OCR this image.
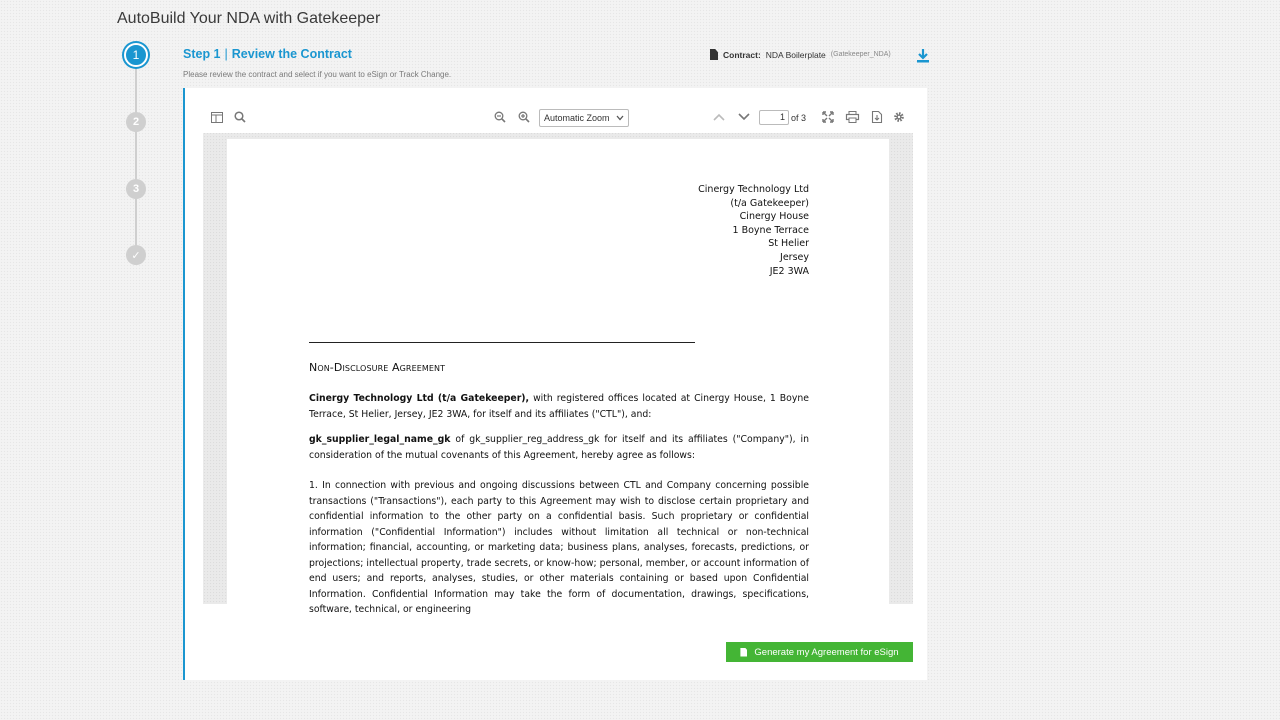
AutoBuild Your NDA with Gatekeeper
1
2
3
✓
Step 1 | Review the Contract
Please review the contract and select if you want to eSign or Track Change.
Contract: NDA Boilerplate (Gatekeeper_NDA)
Automatic Zoom	1 of 3
Cinergy Technology Ltd
(t/a Gatekeeper)
Cinergy House
1 Boyne Terrace
St Helier
Jersey
JE2 3WA
Non-Disclosure Agreement
Cinergy Technology Ltd (t/a Gatekeeper), with registered offices located at Cinergy House, 1 Boyne Terrace, St Helier, Jersey, JE2 3WA, for itself and its affiliates ("CTL"), and:
gk_supplier_legal_name_gk of gk_supplier_reg_address_gk for itself and its affiliates ("Company"), in consideration of the mutual covenants of this Agreement, hereby agree as follows:
1. In connection with previous and ongoing discussions between CTL and Company concerning possible transactions ("Transactions"), each party to this Agreement may wish to disclose certain proprietary and confidential information to the other party on a confidential basis. Such proprietary or confidential information ("Confidential Information") includes without limitation all technical or non-technical information; financial, accounting, or marketing data; business plans, analyses, forecasts, predictions, or projections; intellectual property, trade secrets, or know-how; personal, member, or account information of end users; and reports, analyses, studies, or other materials containing or based upon Confidential Information. Confidential Information may take the form of documentation, drawings, specifications, software, technical, or engineering
Generate my Agreement for eSign
